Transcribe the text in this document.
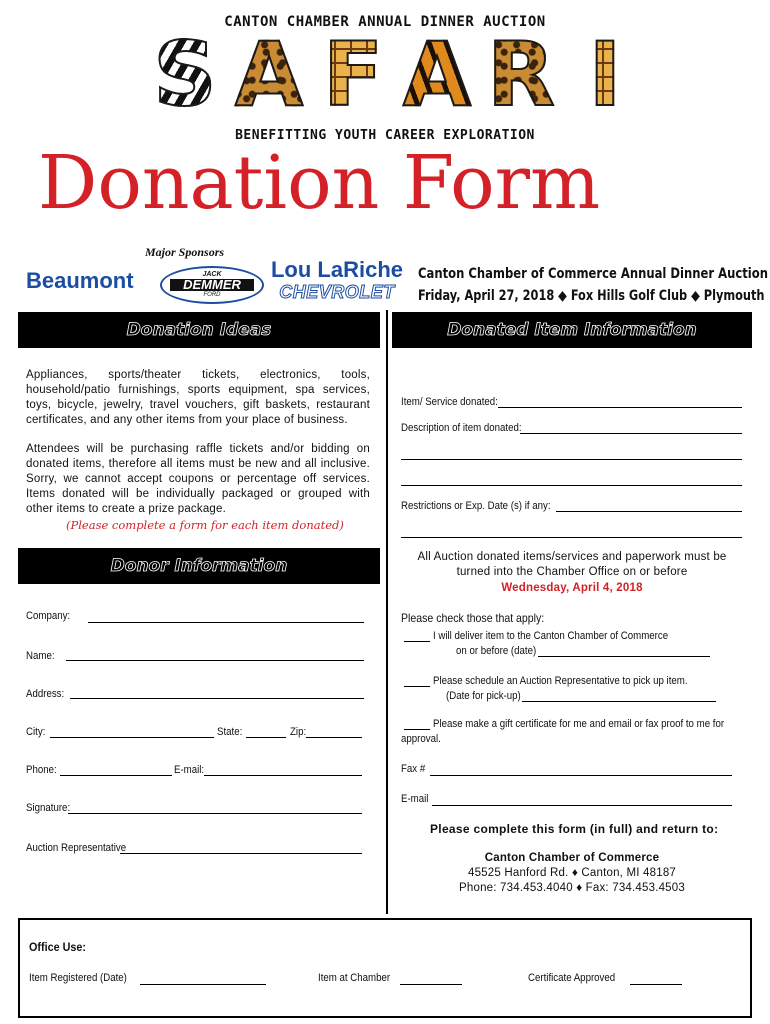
CANTON CHAMBER ANNUAL DINNER AUCTION
S A F A R I
BENEFITTING YOUTH CAREER EXPLORATION
Donation Form
Major Sponsors
Beaumont	JACK
DEMMER
FORD
Lou LaRiche
CHEVROLET
Canton Chamber of Commerce Annual Dinner Auction
Friday, April 27, 2018 ◆ Fox Hills Golf Club ◆ Plymouth
Donation Ideas	Donated Item Information
Appliances, sports/theater tickets, electronics, tools, household/patio furnishings, sports equipment, spa services, toys, bicycle, jewelry, travel vouchers, gift baskets, restaurant certificates, and any other items from your place of business.
Attendees will be purchasing raffle tickets and/or bidding on donated items, therefore all items must be new and all inclusive. Sorry, we cannot accept coupons or percentage off services. Items donated will be individually packaged or grouped with other items to create a prize package.
(Please complete a form for each item donated)
Donor Information
Company:
Name:
Address:
City:	State:	Zip:
Phone:	E-mail:
Signature:
Auction Representative
Item/ Service donated:
Description of item donated:
Restrictions or Exp. Date (s) if any:
All Auction donated items/services and paperwork must be turned into the Chamber Office on or before
Wednesday, April 4, 2018
Please check those that apply:
I will deliver item to the Canton Chamber of Commerce
on or before (date)
Please schedule an Auction Representative to pick up item.
(Date for pick-up)
Please make a gift certificate for me and email or fax proof to me for
approval.
Fax #
E-mail
Please complete this form (in full) and return to:
Canton Chamber of Commerce
45525 Hanford Rd. ♦ Canton, MI 48187
Phone: 734.453.4040 ♦ Fax: 734.453.4503
Office Use:
Item Registered (Date)	Item at Chamber	Certificate Approved
